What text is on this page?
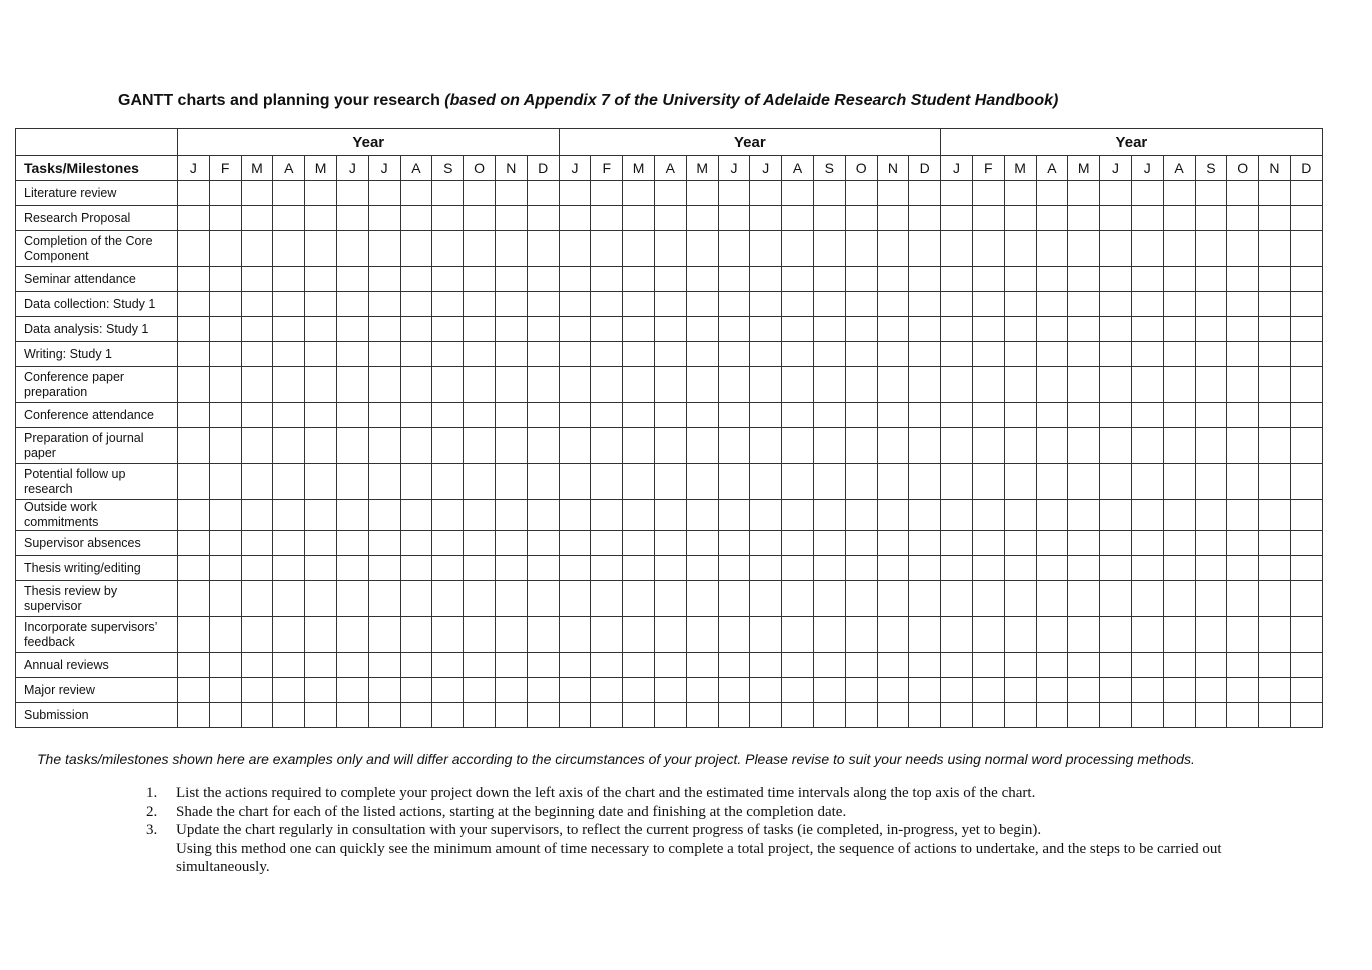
GANTT charts and planning your research (based on Appendix 7 of the University of Adelaide Research Student Handbook)
	Year												Year												Year											
Tasks/Milestones	J	F	M	A	M	J	J	A	S	O	N	D	J	F	M	A	M	J	J	A	S	O	N	D	J	F	M	A	M	J	J	A	S	O	N	D
Literature review																																				
Research Proposal																																				
Completion of the Core Component																																				
Seminar attendance																																				
Data collection: Study 1																																				
Data analysis: Study 1																																				
Writing: Study 1																																				
Conference paper preparation																																				
Conference attendance																																				
Preparation of journal paper																																				
Potential follow up research																																				
Outside work commitments																																				
Supervisor absences																																				
Thesis writing/editing																																				
Thesis review by supervisor																																				
Incorporate supervisors’ feedback																																				
Annual reviews																																				
Major review																																				
Submission																																				
The tasks/milestones shown here are examples only and will differ according to the circumstances of your project. Please revise to suit your needs using normal word processing methods.
1.	List the actions required to complete your project down the left axis of the chart and the estimated time intervals along the top axis of the chart.
2.	Shade the chart for each of the listed actions, starting at the beginning date and finishing at the completion date.
3.	Update the chart regularly in consultation with your supervisors, to reflect the current progress of tasks (ie completed, in-progress, yet to begin).
Using this method one can quickly see the minimum amount of time necessary to complete a total project, the sequence of actions to undertake, and the steps to be carried out simultaneously.
